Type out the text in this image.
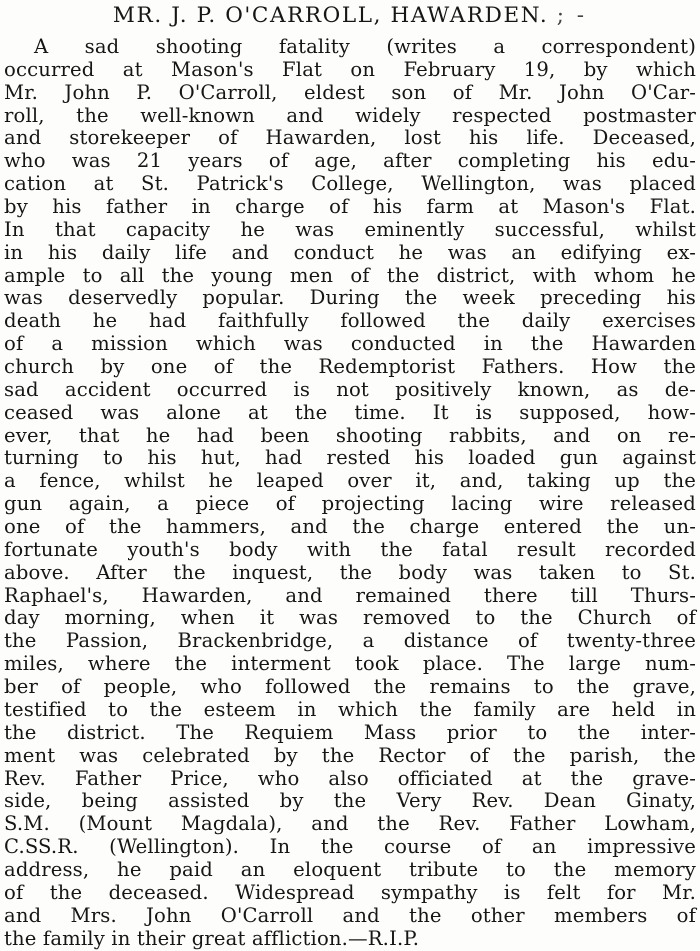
MR. J. P. O'CARROLL, HAWARDEN. ; -
A sad shooting fatality (writes a correspondent)
occurred at Mason's Flat on February 19, by which
Mr. John P. O'Carroll, eldest son of Mr. John O'Car-
roll, the well-known and widely respected postmaster
and storekeeper of Hawarden, lost his life. Deceased,
who was 21 years of age, after completing his edu-
cation at St. Patrick's College, Wellington, was placed
by his father in charge of his farm at Mason's Flat.
In that capacity he was eminently successful, whilst
in his daily life and conduct he was an edifying ex-
ample to all the young men of the district, with whom he
was deservedly popular. During the week preceding his
death he had faithfully followed the daily exercises
of a mission which was conducted in the Hawarden
church by one of the Redemptorist Fathers. How the
sad accident occurred is not positively known, as de-
ceased was alone at the time. It is supposed, how-
ever, that he had been shooting rabbits, and on re-
turning to his hut, had rested his loaded gun against
a fence, whilst he leaped over it, and, taking up the
gun again, a piece of projecting lacing wire released
one of the hammers, and the charge entered the un-
fortunate youth's body with the fatal result recorded
above. After the inquest, the body was taken to St.
Raphael's, Hawarden, and remained there till Thurs-
day morning, when it was removed to the Church of
the Passion, Brackenbridge, a distance of twenty-three
miles, where the interment took place. The large num-
ber of people, who followed the remains to the grave,
testified to the esteem in which the family are held in
the district. The Requiem Mass prior to the inter-
ment was celebrated by the Rector of the parish, the
Rev. Father Price, who also officiated at the grave-
side, being assisted by the Very Rev. Dean Ginaty,
S.M. (Mount Magdala), and the Rev. Father Lowham,
C.SS.R. (Wellington). In the course of an impressive
address, he paid an eloquent tribute to the memory
of the deceased. Widespread sympathy is felt for Mr.
and Mrs. John O'Carroll and the other members of
the family in their great affliction.—R.I.P.
